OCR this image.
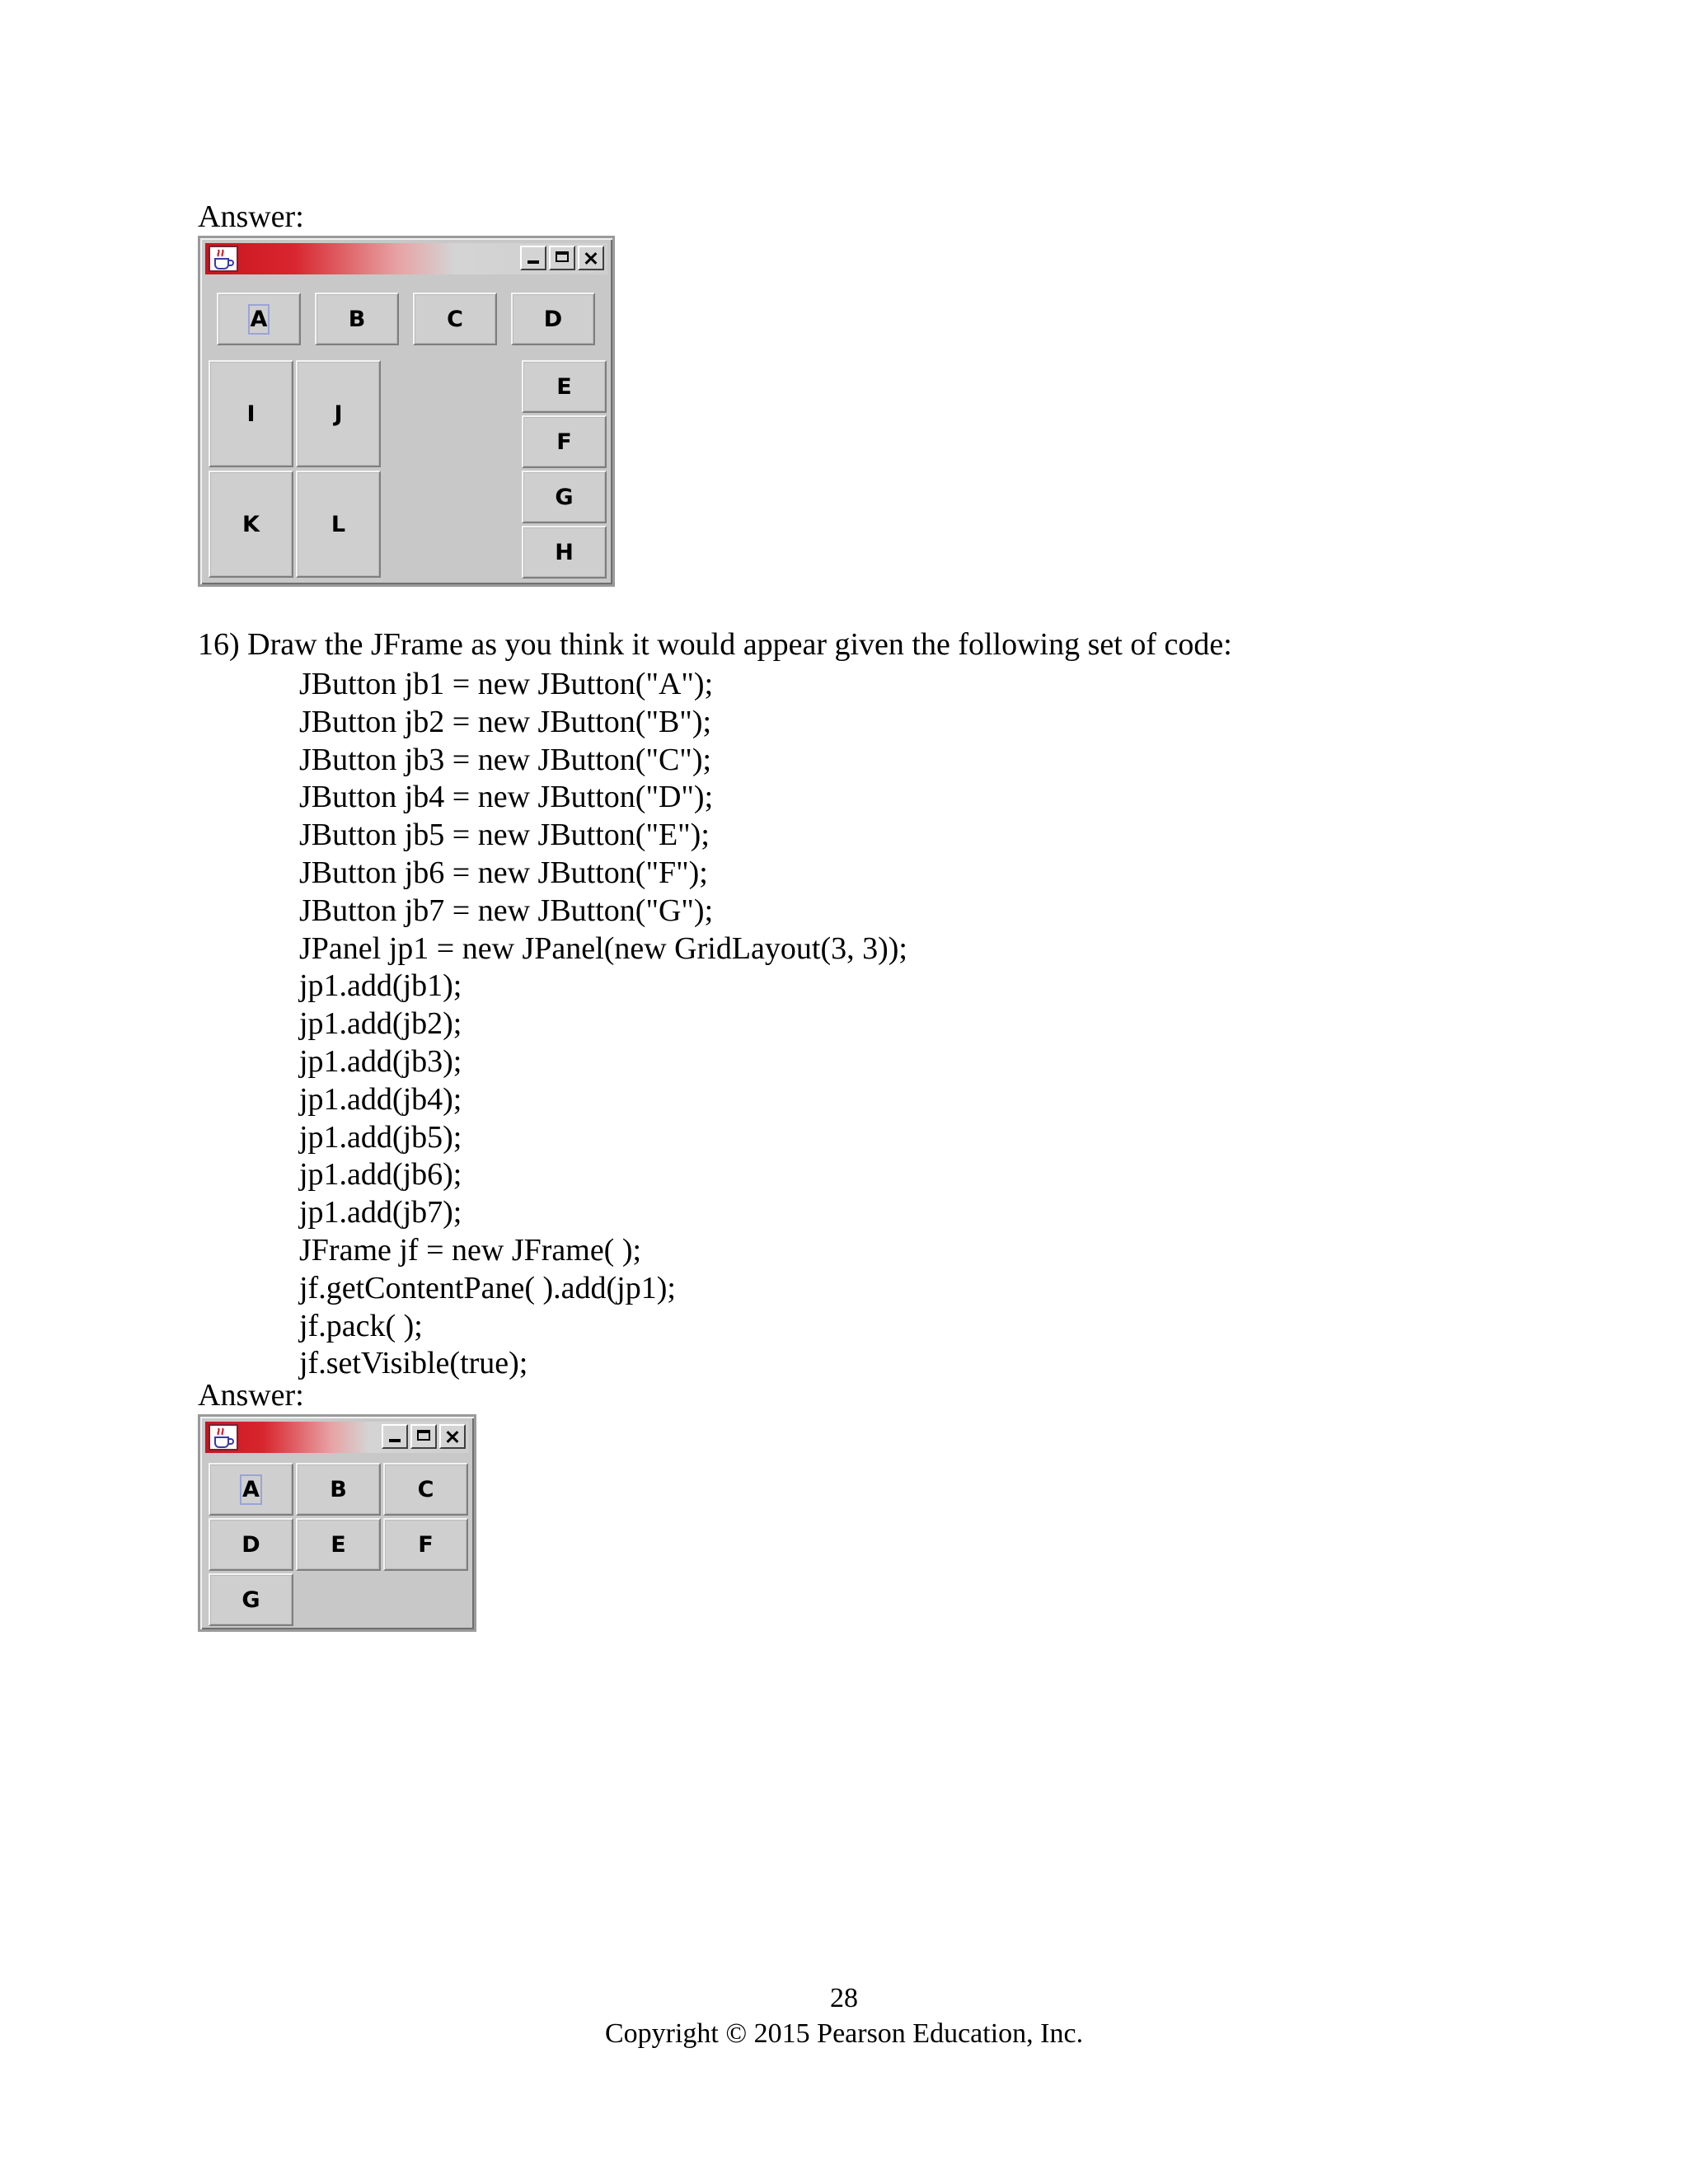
Answer:

A	B	C	D
I	J
K	L
E
F
G
H

16) Draw the JFrame as you think it would appear given the following set of code:

JButton jb1 = new JButton("A");
JButton jb2 = new JButton("B");
JButton jb3 = new JButton("C");
JButton jb4 = new JButton("D");
JButton jb5 = new JButton("E");
JButton jb6 = new JButton("F");
JButton jb7 = new JButton("G");
JPanel jp1 = new JPanel(new GridLayout(3, 3));
jp1.add(jb1);
jp1.add(jb2);
jp1.add(jb3);
jp1.add(jb4);
jp1.add(jb5);
jp1.add(jb6);
jp1.add(jb7);
JFrame jf = new JFrame( );
jf.getContentPane( ).add(jp1);
jf.pack( );
jf.setVisible(true);

Answer:

A	B	C
D	E	F
G
28
Copyright © 2015 Pearson Education, Inc.
